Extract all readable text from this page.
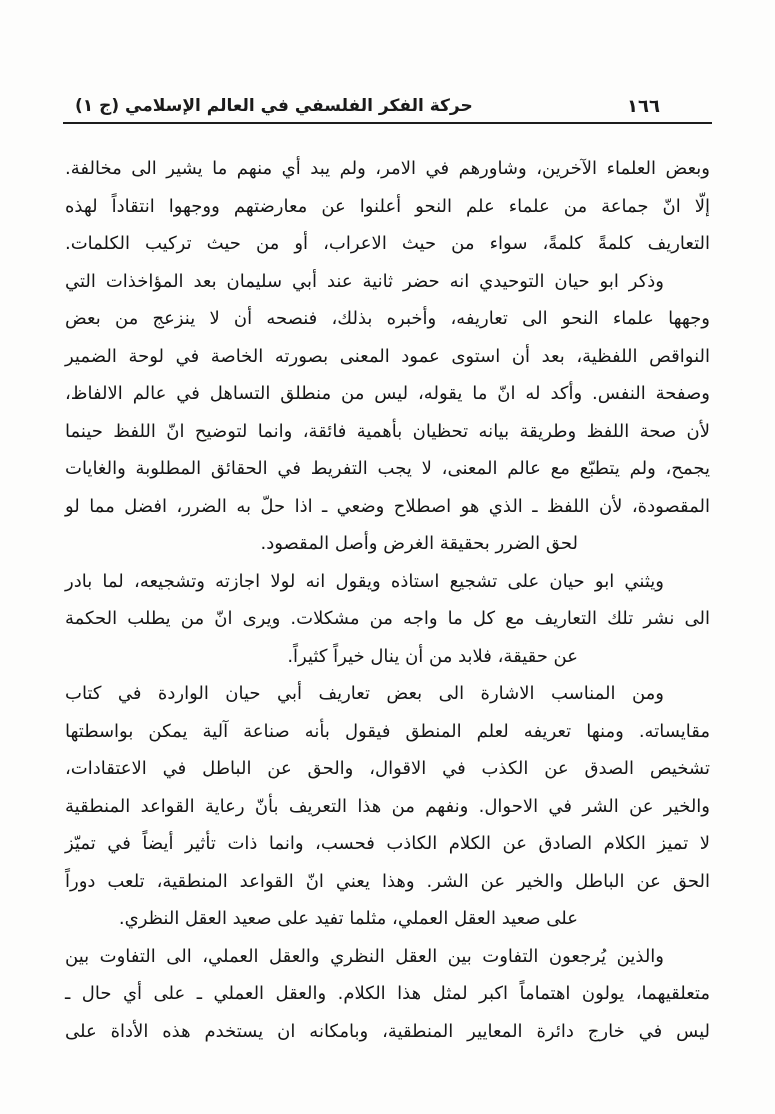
١٦٦
حركة الفكر الفلسفي في العالم الإسلامي (ج ١)
وبعض العلماء الآخرين، وشاورهم في الامر، ولم يبد أي منهم ما يشير الى مخالفة.
إلّا انّ جماعة من علماء علم النحو أعلنوا عن معارضتهم ووجهوا انتقاداً لهذه
التعاريف كلمةً كلمةً، سواء من حيث الاعراب، أو من حيث تركيب الكلمات.
وذكر ابو حيان التوحيدي انه حضر ثانية عند أبي سليمان بعد المؤاخذات التي
وجهها علماء النحو الى تعاريفه، وأخبره بذلك، فنصحه أن لا ينزعج من بعض
النواقص اللفظية، بعد أن استوى عمود المعنى بصورته الخاصة في لوحة الضمير
وصفحة النفس. وأكد له انّ ما يقوله، ليس من منطلق التساهل في عالم الالفاظ،
لأن صحة اللفظ وطريقة بيانه تحظيان بأهمية فائقة، وانما لتوضيح انّ اللفظ حينما
يجمح، ولم يتطبّع مع عالم المعنى، لا يجب التفريط في الحقائق المطلوبة والغايات
المقصودة، لأن اللفظ ـ الذي هو اصطلاح وضعي ـ اذا حلّ به الضرر، افضل مما لو
لحق الضرر بحقيقة الغرض وأصل المقصود.
ويثني ابو حيان على تشجيع استاذه ويقول انه لولا اجازته وتشجيعه، لما بادر
الى نشر تلك التعاريف مع كل ما واجه من مشكلات. ويرى انّ من يطلب الحكمة
عن حقيقة، فلابد من أن ينال خيراً كثيراً.
ومن المناسب الاشارة الى بعض تعاريف أبي حيان الواردة في كتاب
مقايساته. ومنها تعريفه لعلم المنطق فيقول بأنه صناعة آلية يمكن بواسطتها
تشخيص الصدق عن الكذب في الاقوال، والحق عن الباطل في الاعتقادات،
والخير عن الشر في الاحوال. ونفهم من هذا التعريف بأنّ رعاية القواعد المنطقية
لا تميز الكلام الصادق عن الكلام الكاذب فحسب، وانما ذات تأثير أيضاً في تميّز
الحق عن الباطل والخير عن الشر. وهذا يعني انّ القواعد المنطقية، تلعب دوراً
على صعيد العقل العملي، مثلما تفيد على صعيد العقل النظري.
والذين يُرجعون التفاوت بين العقل النظري والعقل العملي، الى التفاوت بين
متعلقيهما، يولون اهتماماً اكبر لمثل هذا الكلام. والعقل العملي ـ على أي حال ـ
ليس في خارج دائرة المعايير المنطقية، وبامكانه ان يستخدم هذه الأداة على
